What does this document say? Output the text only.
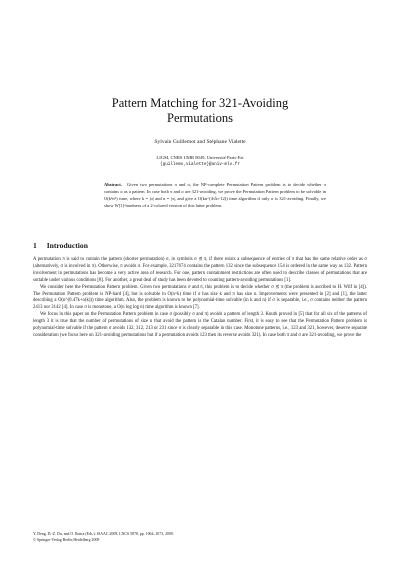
Pattern Matching for 321-Avoiding
Permutations
Sylvain Guillemot and Stéphane Vialette
LIGM, CNRS UMR 8049, Université Paris-Est
{guillemo,vialette}@univ-mlv.fr
Abstract. Given two permutations π and σ, the NP-complete Permutation Pattern problem is to decide whether π contains σ as a pattern. In case both π and σ are 321-avoiding, we prove the Permutation Pattern problem to be solvable in O(k²n⁶) time, where k = |σ| and n = |π|, and give a O(kn^(4√k+12)) time algorithm if only σ is 321-avoiding. Finally, we show W[1]-hardness of a 2-colored version of this latter problem.
1 Introduction

A permutation π is said to contain the pattern (shorter permutation) σ, in symbols σ ⪯ π, if there exists a subsequence of entries of π that has the same relative order as σ (alternatively, σ is involved in π). Otherwise, π avoids σ. For example, 3217674 contains the pattern 132 since the subsequence 154 is ordered in the same way as 132. Pattern involvement in permutations has become a very active area of research. For one, pattern containment restrictions are often used to describe classes of permutations that are sortable under various conditions [8]. For another, a great deal of study has been devoted to counting pattern-avoiding permutations [1].

We consider here the Permutation Pattern problem. Given two permutations σ and π, this problem is to decide whether σ ⪯ π (the problem is ascribed to H. Wilf in [4]). The Permutation Pattern problem is NP-hard [4], but is solvable in O(n^k) time if σ has size k and π has size n. Improvements were presented in [2] and [1], the latter describing a O(n^(0.47k+o(k))) time algorithm. Also, the problem is known to be polynomial-time solvable (in k and n) if σ is separable, i.e., σ contains neither the pattern 2413 nor 3142 [4]. In case σ is monotone, a O(n log log n) time algorithm is known [7].

We focus in this paper on the Permutation Pattern problem in case σ (possibly σ and π) avoids a pattern of length 3. Knuth proved in [5] that for all six of the patterns of length 3 it is true that the number of permutations of size n that avoid the pattern is the Catalan number. First, it is easy to see that the Permutation Pattern problem is polynomial-time solvable if the pattern σ avoids 132, 312, 213 or 231 since σ is clearly separable in this case. Monotone patterns, i.e., 123 and 321, however, deserve separate consideration (we focus here on 321-avoiding permutations but if a permutation avoids 123 then its reverse avoids 321). In case both π and σ are 321-avoiding, we prove the

Y. Deng, D.-Z. Du, and O. Ibarra (Eds.): ISAAC 2009, LNCS 5878, pp. 1064–1073, 2009.
© Springer-Verlag Berlin Heidelberg 2009
